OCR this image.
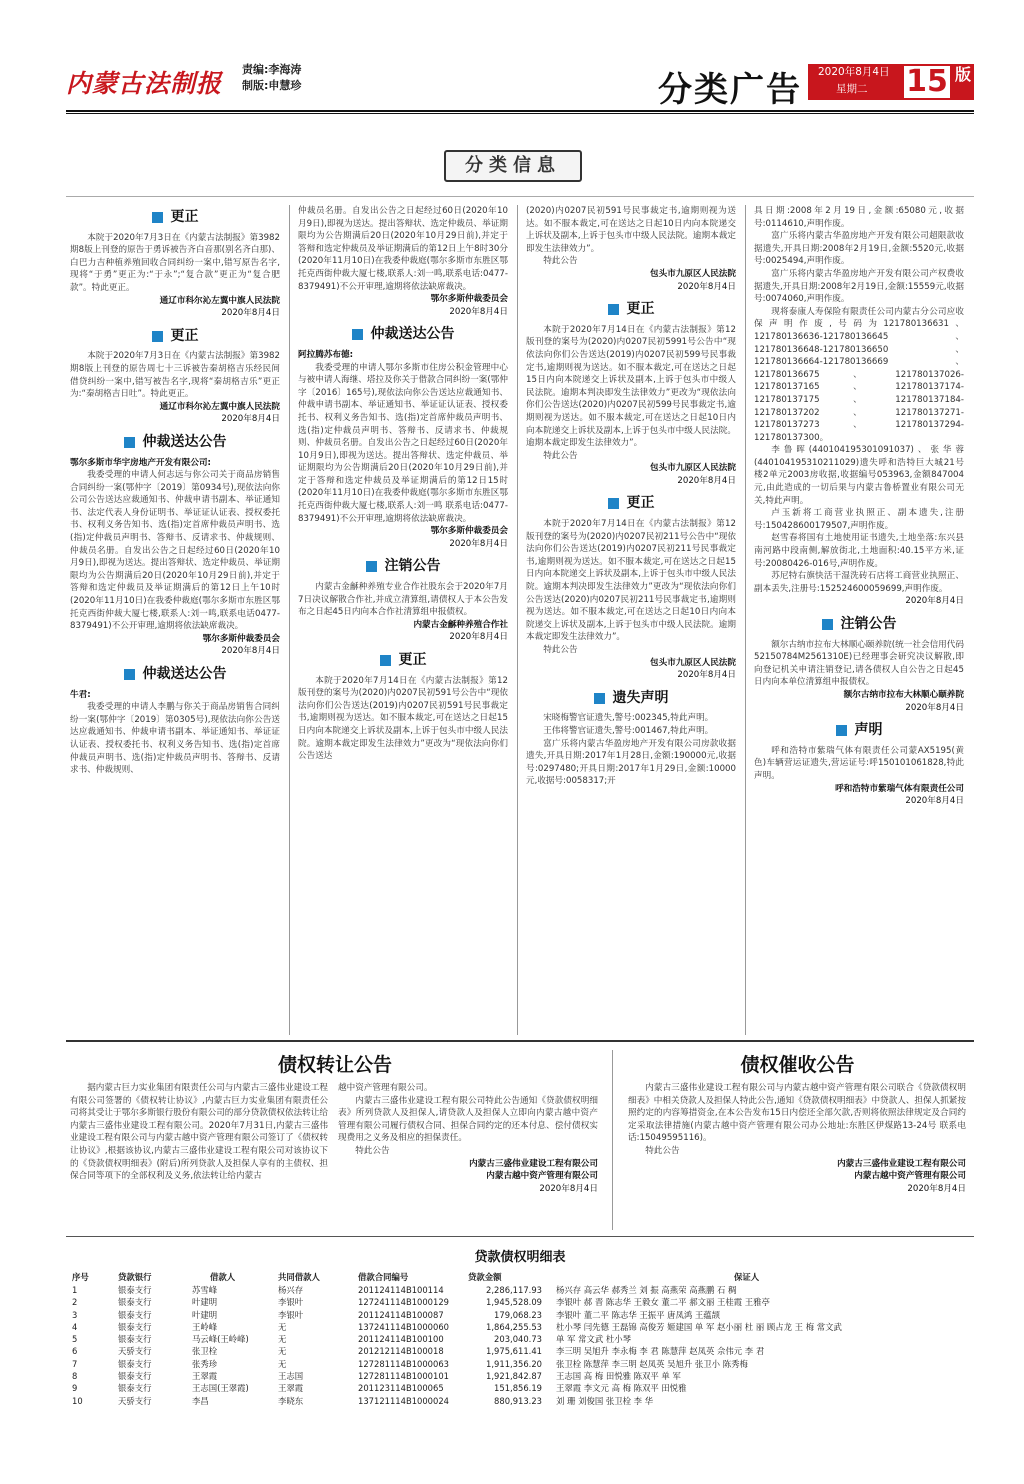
内蒙古法制报 责编:李海涛
制版:申慧珍	分类广告 2020年8月4日
星期二	15 版
分类信息
更正

本院于2020年7月3日在《内蒙古法制报》第3982期8版上刊登的原告于勇诉被告齐白音那(别名齐白那)、白巴力吉种植养殖回收合同纠纷一案中,错写原告名字,现将“于勇”更正为:“于永”;“复合款”更正为“复合肥款”。特此更正。

通辽市科尔沁左翼中旗人民法院
2020年8月4日
更正

本院于2020年7月3日在《内蒙古法制报》第3982期8版上刊登的原告周七十三诉被告秦胡格吉乐经民间借贷纠纷一案中,错写被告名字,现将“秦胡格吉乐”更正为:“秦胡格吉日吐”。特此更正。

通辽市科尔沁左翼中旗人民法院
2020年8月4日
仲裁送达公告

鄂尔多斯市华宇房地产开发有限公司:

我委受理的申请人何志远与你公司关于商品房销售合同纠纷一案(鄂仲字〔2019〕第0934号),现依法向你公司公告送达应裁通知书、仲裁申请书副本、举证通知书、法定代表人身份证明书、举证证认证表、授权委托书、权利义务告知书、选(指)定首席仲裁员声明书、选(指)定仲裁员声明书、答辩书、反请求书、仲裁规则、仲裁员名册。自发出公告之日起经过60日(2020年10月9日),即视为送达。提出答辩状、选定仲裁员、举证期限均为公告期满后20日(2020年10月29日前),并定于答辩和选定仲裁员及举证期满后的第12日上午10时(2020年11月10日)在我委仲裁庭(鄂尔多斯市东胜区鄂托克西街仲裁大厦七楼,联系人:刘一鸣,联系电话0477-8379491)不公开审理,逾期将依法缺席裁决。

鄂尔多斯仲裁委员会
2020年8月4日
仲裁送达公告

牛君:

我委受理的申请人李鹏与你关于商品房销售合同纠纷一案(鄂仲字〔2019〕第0305号),现依法向你公告送达应裁通知书、仲裁申请书副本、举证通知书、举证证认证表、授权委托书、权利义务告知书、选(指)定首席仲裁员声明书、选(指)定仲裁员声明书、答辩书、反请求书、仲裁规则、

仲裁员名册。自发出公告之日起经过60日(2020年10月9日),即视为送达。提出答辩状、选定仲裁员、举证期限均为公告期满后20日(2020年10月29日前),并定于答辩和选定仲裁员及举证期满后的第12日上午8时30分(2020年11月10日)在我委仲裁庭(鄂尔多斯市东胜区鄂托克西街仲裁大厦七楼,联系人:刘一鸣,联系电话:0477-8379491)不公开审理,逾期将依法缺席裁决。

鄂尔多斯仲裁委员会
2020年8月4日
仲裁送达公告

阿拉腾苏布德:

我委受理的申请人鄂尔多斯市住房公积金管理中心与被申请人海继、塔拉及你关于借款合同纠纷一案(鄂仲字〔2016〕165号),现依法向你公告送达应裁通知书、仲裁申请书副本、举证通知书、举证证认证表、授权委托书、权利义务告知书、选(指)定首席仲裁员声明书、选(指)定仲裁员声明书、答辩书、反请求书、仲裁规则、仲裁员名册。自发出公告之日起经过60日(2020年10月9日),即视为送达。提出答辩状、选定仲裁员、举证期限均为公告期满后20日(2020年10月29日前),并定于答辩和选定仲裁员及举证期满后的第12日15时(2020年11月10日)在我委仲裁庭(鄂尔多斯市东胜区鄂托克西街仲裁大厦七楼,联系人:刘一鸣 联系电话:0477-8379491)不公开审理,逾期将依法缺席裁决。

鄂尔多斯仲裁委员会
2020年8月4日
注销公告

内蒙古金龢种养殖专业合作社股东会于2020年7月7日决议解散合作社,并成立清算组,请债权人于本公告发布之日起45日内向本合作社清算组申报债权。

内蒙古金龢种养殖合作社
2020年8月4日
更正

本院于2020年7月14日在《内蒙古法制报》第12版刊登的案号为(2020)内0207民初591号公告中“现依法向你们公告送达(2019)内0207民初591号民事裁定书,逾期则视为送达。如不服本裁定,可在送达之日起15日内向本院递交上诉状及副本,上诉于包头市中级人民法院。逾期本裁定即发生法律效力”更改为“现依法向你们公告送达

(2020)内0207民初591号民事裁定书,逾期则视为送达。如不服本裁定,可在送达之日起10日内向本院递交上诉状及副本,上诉于包头市中级人民法院。逾期本裁定即发生法律效力”。

特此公告

包头市九原区人民法院
2020年8月4日
更正

本院于2020年7月14日在《内蒙古法制报》第12版刊登的案号为(2020)内0207民初5991号公告中“现依法向你们公告送达(2019)内0207民初599号民事裁定书,逾期则视为送达。如不服本裁定,可在送达之日起15日内向本院递交上诉状及副本,上诉于包头市中级人民法院。逾期本判决即发生法律效力”更改为“现依法向你们公告送达(2020)内0207民初599号民事裁定书,逾期则视为送达。如不服本裁定,可在送达之日起10日内向本院递交上诉状及副本,上诉于包头市中级人民法院。逾期本裁定即发生法律效力”。

特此公告

包头市九原区人民法院
2020年8月4日
更正

本院于2020年7月14日在《内蒙古法制报》第12版刊登的案号为(2020)内0207民初211号公告中“现依法向你们公告送达(2019)内0207民初211号民事裁定书,逾期则视为送达。如不服本裁定,可在送达之日起15日内向本院递交上诉状及副本,上诉于包头市中级人民法院。逾期本判决即发生法律效力”更改为“现依法向你们公告送达(2020)内0207民初211号民事裁定书,逾期则视为送达。如不服本裁定,可在送达之日起10日内向本院递交上诉状及副本,上诉于包头市中级人民法院。逾期本裁定即发生法律效力”。

特此公告

包头市九原区人民法院
2020年8月4日
遗失声明

宋晓梅警官证遗失,警号:002345,特此声明。

王伟将警官证遗失,警号:001467,特此声明。

富广乐将内蒙古华盈房地产开发有限公司房款收据遗失,开具日期:2017年1月28日,金额:190000元,收据号:0297480;开具日期:2017年1月29日,金额:10000元,收据号:0058317;开

具日期:2008年2月19日,金额:65080元,收据号:0114610,声明作废。

富广乐将内蒙古华盈房地产开发有限公司超限款收据遗失,开具日期:2008年2月19日,金额:5520元,收据号:0025494,声明作废。

富广乐将内蒙古华盈房地产开发有限公司产权费收据遗失,开具日期:2008年2月19日,金额:15559元,收据号:0074060,声明作废。

现将泰康人寿保险有限责任公司内蒙古分公司应收保声明作废,号码为121780136631、121780136636-121780136645、121780136648-121780136650、121780136664-121780136669、121780136675、121780137026-121780137165、121780137174-121780137175、121780137184-121780137202、121780137271-121780137273、121780137294-121780137300。

李鲁晖(440104195301091037)、张华蓉(440104195310211029)遗失呼和浩特巨大城21号楼2单元2003房收据,收据编号053963,金额847004元,由此造成的一切后果与内蒙古鲁桥置业有限公司无关,特此声明。

卢玉新将工商营业执照正、副本遗失,注册号:150428600179507,声明作废。

赵雪春将国有土地使用证书遗失,土地坐落:东兴县南河路中段南侧,解放街北,土地面积:40.15平方米,证号:20080426-016号,声明作废。

苏尼特右旗快活干湿洗砖石店将工商营业执照正、副本丢失,注册号:152524600059699,声明作废。

2020年8月4日
注销公告

额尔古纳市拉布大林顺心颐养院(统一社会信用代码52150784M2561310E)已经理事会研究决议解散,即向登记机关申请注销登记,请各债权人自公告之日起45日内向本单位清算组申报债权。

额尔古纳市拉布大林顺心颐养院
2020年8月4日
声明

呼和浩特市紫瑞气体有限责任公司蒙AX5195(黄色)车辆营运证遗失,营运证号:呼150101061828,特此声明。

呼和浩特市紫瑞气体有限责任公司
2020年8月4日
债权转让公告

据内蒙古巨力实业集团有限责任公司与内蒙古三盛伟业建设工程有限公司签署的《债权转让协议》,内蒙古巨力实业集团有限责任公司将其受让于鄂尔多斯银行股份有限公司的部分贷款债权依法转让给内蒙古三盛伟业建设工程有限公司。2020年7月31日,内蒙古三盛伟业建设工程有限公司与内蒙古越中资产管理有限公司签订了《债权转让协议》,根据该协议,内蒙古三盛伟业建设工程有限公司对该协议下的《贷款债权明细表》(附后)所列贷款人及担保人享有的主债权、担保合同等项下的全部权利及义务,依法转让给内蒙古

越中资产管理有限公司。

内蒙古三盛伟业建设工程有限公司特此公告通知《贷款债权明细表》所列贷款人及担保人,请贷款人及担保人立即向内蒙古越中资产管理有限公司履行债权合同、担保合同约定的还本付息、偿付债权实现费用之义务及相应的担保责任。

特此公告

内蒙古三盛伟业建设工程有限公司
内蒙古越中资产管理有限公司
2020年8月4日
债权催收公告

内蒙古三盛伟业建设工程有限公司与内蒙古越中资产管理有限公司联合《贷款债权明细表》中相关贷款人及担保人特此公告,通知《贷款债权明细表》中贷款人、担保人抓紧按照约定的内容筹措资金,在本公告发布15日内偿还全部欠款,否则将依照法律规定及合同约定采取法律措施(内蒙古越中资产管理有限公司办公地址:东胜区伊煤路13-24号 联系电话:15049595116)。

特此公告

内蒙古三盛伟业建设工程有限公司
内蒙古越中资产管理有限公司
2020年8月4日
贷款债权明细表
序号	贷款银行	借款人	共同借款人	借款合同编号	贷款金额	保证人
1	银泰支行	苏雪峰	杨兴存	201124114B100114	2,286,117.93	杨兴存 高云华 郝秀兰 刘 振 高燕荣 高燕鹏 石 稠
2	银泰支行	叶建明	李银叶	127241114B1000129	1,945,528.09	李银叶 郝 晋 陈志华 王毅女 董二平 郝文丽 王桂霞 王雅亭
3	银泰支行	叶建明	李银叶	201124114B100087	179,068.23	李银叶 董二平 陈志华 王振平 唐凤鸿 王蕴颉
4	银泰支行	王岭峰	无	137241114B1000060	1,864,255.53	杜小琴 闫先德 王磊锦 高俊芳 姬建国 单 军 赵小丽 杜 丽 顾占龙 王 梅 常文武
5	银泰支行	马云峰(王岭峰)	无	201124114B100100	203,040.73	单 军 常文武 杜小琴
6	天骄支行	张卫栓	无	201212114B100018	1,975,611.41	李三明 吴旭升 李永梅 李 君 陈慧萍 赵凤英 佘伟元 李 君
7	银泰支行	张秀珍	无	127281114B1000063	1,911,356.20	张卫栓 陈慧萍 李三明 赵凤英 吴旭升 张卫小 陈秀梅
8	银泰支行	王翠霞	王志国	127281114B1000101	1,921,842.87	王志国 高 梅 田悦雅 陈双平 单 军
9	银泰支行	王志国(王翠霞)	王翠霞	201123114B100065	151,856.19	王翠霞 李文元 高 梅 陈双平 田悦雅
10	天骄支行	李昌	李晓东	137121114B1000024	880,913.23	刘 珊 刘俊国 张卫栓 李 华
